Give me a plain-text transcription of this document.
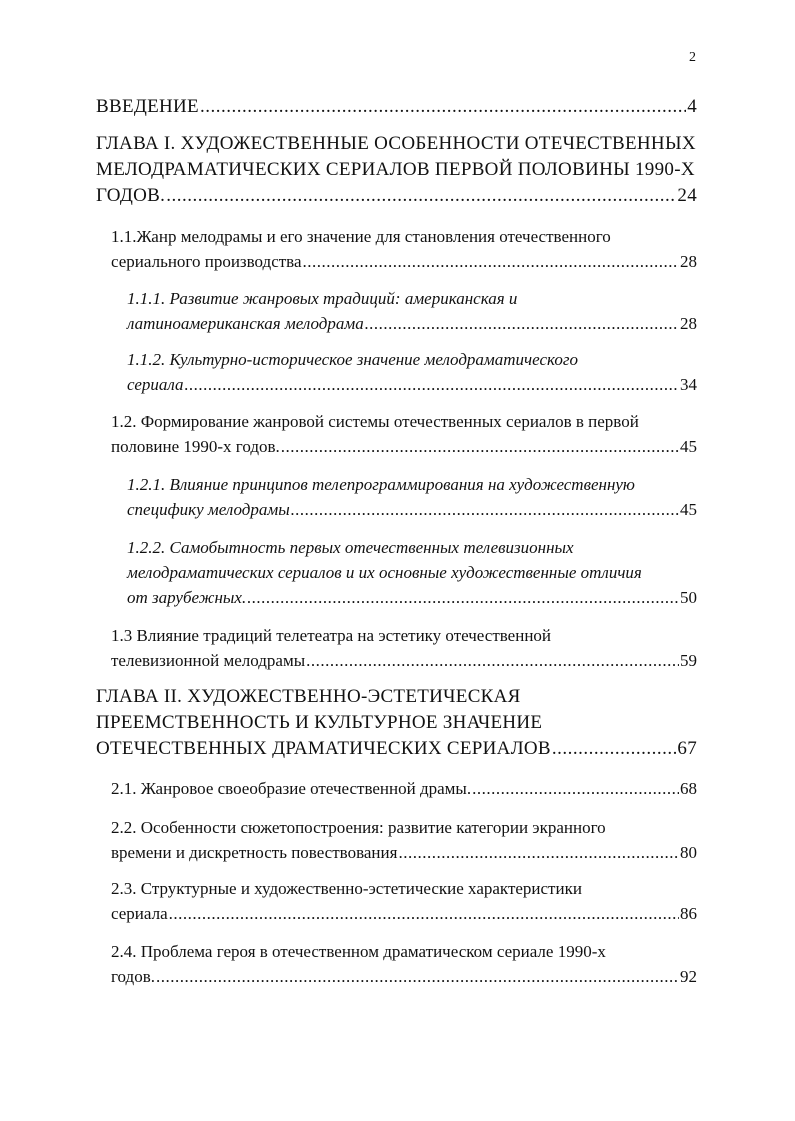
2
ВВЕДЕНИЕ .....	4
ГЛАВА I. ХУДОЖЕСТВЕННЫЕ ОСОБЕННОСТИ ОТЕЧЕСТВЕННЫХ
МЕЛОДРАМАТИЧЕСКИХ СЕРИАЛОВ ПЕРВОЙ ПОЛОВИНЫ 1990-Х
ГОДОВ. .....	24
1.1.Жанр мелодрамы и его значение для становления отечественного
сериального производства .....	28
1.1.1. Развитие жанровых традиций: американская и
латиноамериканская мелодрама .....	28
1.1.2. Культурно-историческое значение мелодраматического
сериала .....	34
1.2. Формирование жанровой системы отечественных сериалов в первой
половине 1990-х годов. .....	45
1.2.1. Влияние принципов телепрограммирования на художественную
специфику мелодрамы .....	45
1.2.2. Самобытность первых отечественных телевизионных
мелодраматических сериалов и их основные художественные отличия
от зарубежных. .....	50
1.3 Влияние традиций телетеатра на эстетику отечественной
телевизионной мелодрамы .....	59
ГЛАВА II. ХУДОЖЕСТВЕННО-ЭСТЕТИЧЕСКАЯ
ПРЕЕМСТВЕННОСТЬ И КУЛЬТУРНОЕ ЗНАЧЕНИЕ
ОТЕЧЕСТВЕННЫХ ДРАМАТИЧЕСКИХ СЕРИАЛОВ .....	67
2.1. Жанровое своеобразие отечественной драмы. .....	68
2.2. Особенности сюжетопостроения: развитие категории экранного
времени и дискретность повествования .....	80
2.3. Структурные и художественно-эстетические характеристики
сериала .....	86
2.4. Проблема героя в отечественном драматическом сериале 1990-х
годов. .....	92
